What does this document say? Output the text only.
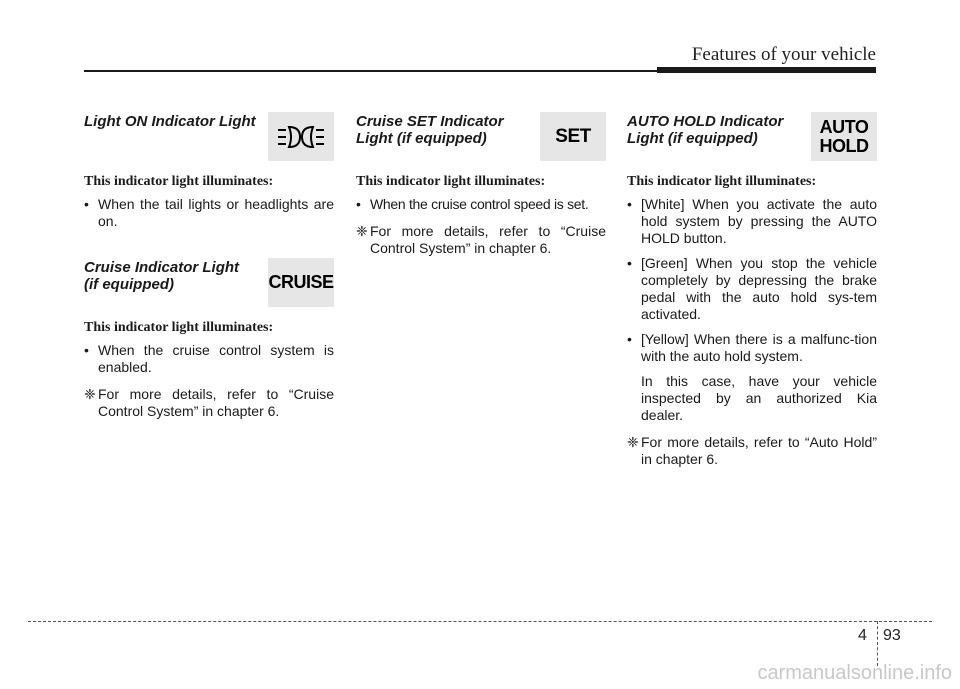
Features of your vehicle
Light ON Indicator Light
This indicator light illuminates:
• When the tail lights or headlights are on.
Cruise Indicator Light
(if equipped)	CRUISE
This indicator light illuminates:
• When the cruise control system is enabled.
❈ For more details, refer to “Cruise Control System” in chapter 6.
Cruise SET Indicator
Light (if equipped)	SET
This indicator light illuminates:
• When the cruise control speed is set.
❈ For more details, refer to “Cruise Control System” in chapter 6.
AUTO HOLD Indicator
Light (if equipped)
AUTO
HOLD
This indicator light illuminates:
• [White] When you activate the auto hold system by pressing the AUTO HOLD button.
• [Green] When you stop the vehicle completely by depressing the brake pedal with the auto hold sys-tem activated.
• [Yellow] When there is a malfunc-tion with the auto hold system.
In this case, have your vehicle inspected by an authorized Kia dealer.
❈ For more details, refer to “Auto Hold” in chapter 6.
4 93
carmanualsonline.info
